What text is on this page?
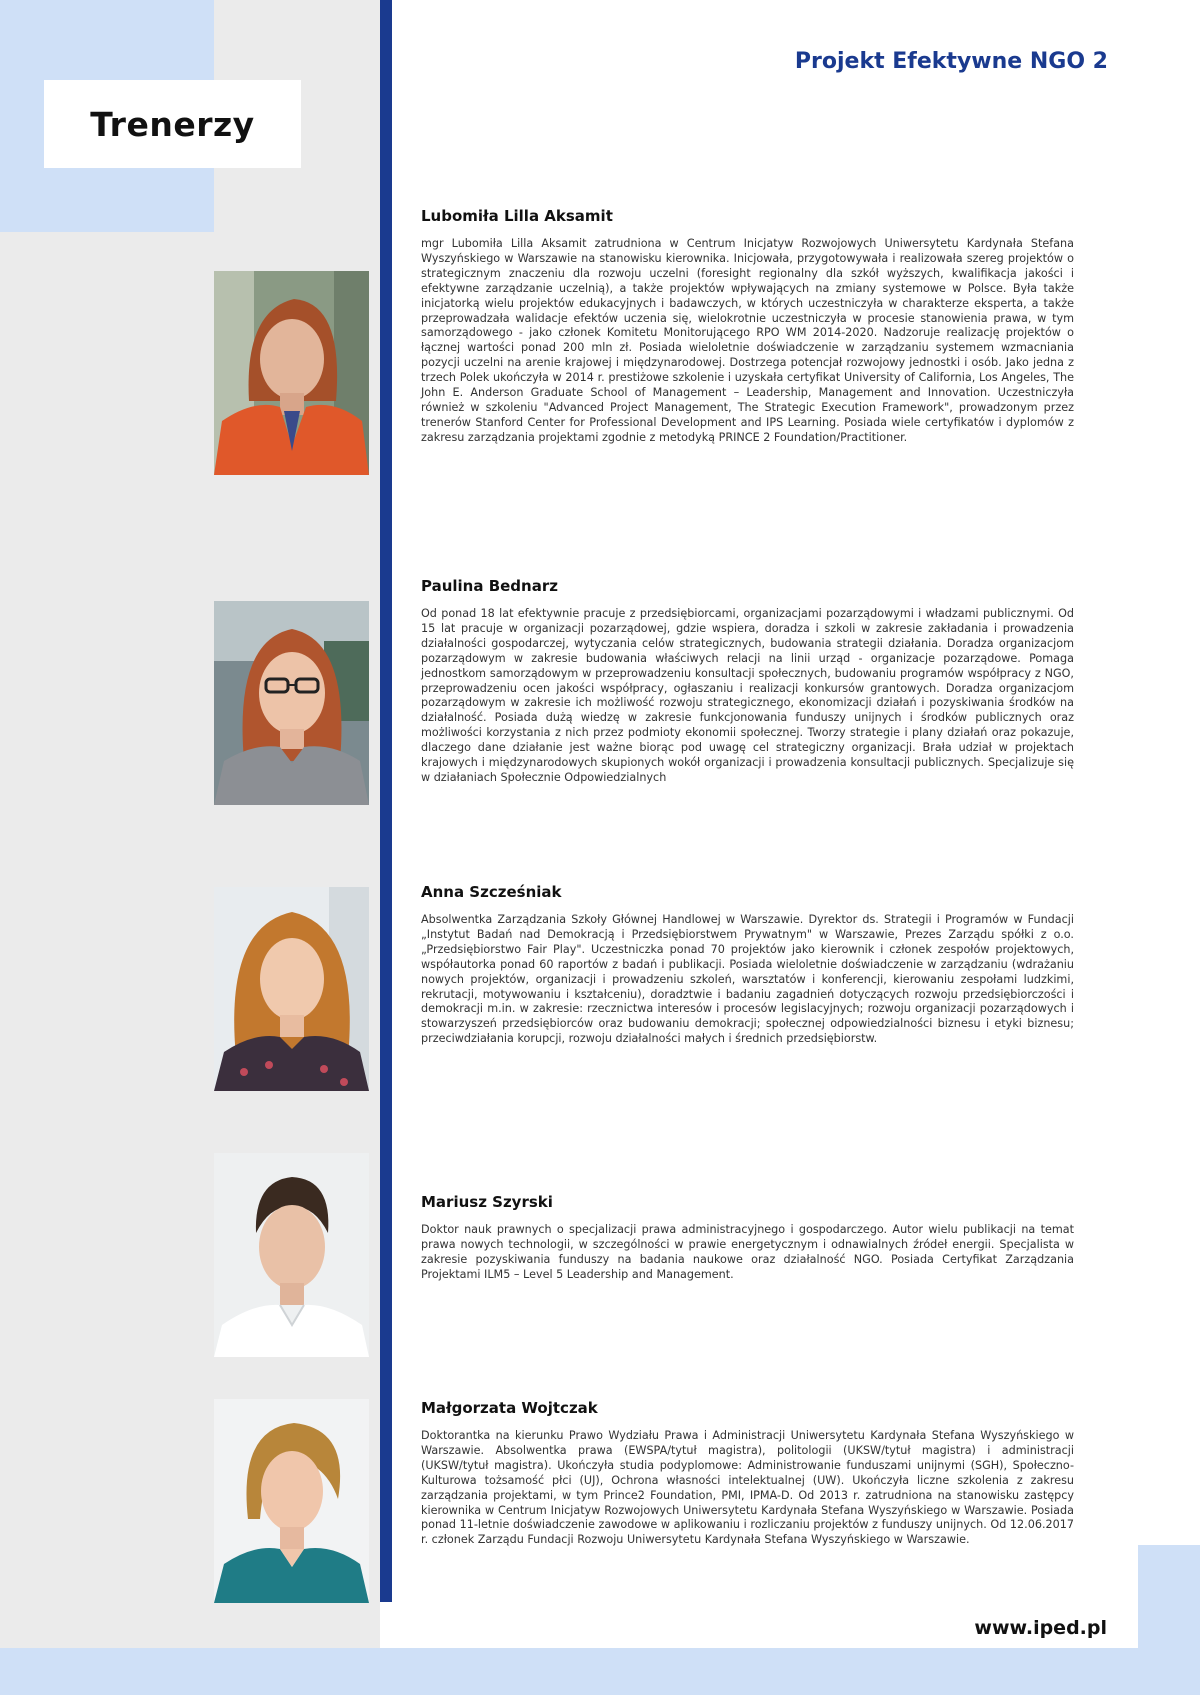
Trenerzy
Projekt Efektywne NGO 2
Lubomiła Lilla Aksamit

mgr Lubomiła Lilla Aksamit zatrudniona w Centrum Inicjatyw Rozwojowych Uniwersytetu Kardynała Stefana Wyszyńskiego w Warszawie na stanowisku kierownika. Inicjowała, przygotowywała i realizowała szereg projektów o strategicznym znaczeniu dla rozwoju uczelni (foresight regionalny dla szkół wyższych, kwalifikacja jakości i efektywne zarządzanie uczelnią), a także projektów wpływających na zmiany systemowe w Polsce. Była także inicjatorką wielu projektów edukacyjnych i badawczych, w których uczestniczyła w charakterze eksperta, a także przeprowadzała walidacje efektów uczenia się, wielokrotnie uczestniczyła w procesie stanowienia prawa, w tym samorządowego - jako członek Komitetu Monitorującego RPO WM 2014-2020. Nadzoruje realizację projektów o łącznej wartości ponad 200 mln zł. Posiada wieloletnie doświadczenie w zarządzaniu systemem wzmacniania pozycji uczelni na arenie krajowej i międzynarodowej. Dostrzega potencjał rozwojowy jednostki i osób. Jako jedna z trzech Polek ukończyła w 2014 r. prestiżowe szkolenie i uzyskała certyfikat University of California, Los Angeles, The John E. Anderson Graduate School of Management – Leadership, Management and Innovation. Uczestniczyła również w szkoleniu "Advanced Project Management, The Strategic Execution Framework", prowadzonym przez trenerów Stanford Center for Professional Development and IPS Learning. Posiada wiele certyfikatów i dyplomów z zakresu zarządzania projektami zgodnie z metodyką PRINCE 2 Foundation/Practitioner.

Paulina Bednarz

Od ponad 18 lat efektywnie pracuje z przedsiębiorcami, organizacjami pozarządowymi i władzami publicznymi. Od 15 lat pracuje w organizacji pozarządowej, gdzie wspiera, doradza i szkoli w zakresie zakładania i prowadzenia działalności gospodarczej, wytyczania celów strategicznych, budowania strategii działania. Doradza organizacjom pozarządowym w zakresie budowania właściwych relacji na linii urząd - organizacje pozarządowe. Pomaga jednostkom samorządowym w przeprowadzeniu konsultacji społecznych, budowaniu programów współpracy z NGO, przeprowadzeniu ocen jakości współpracy, ogłaszaniu i realizacji konkursów grantowych. Doradza organizacjom pozarządowym w zakresie ich możliwość rozwoju strategicznego, ekonomizacji działań i pozyskiwania środków na działalność. Posiada dużą wiedzę w zakresie funkcjonowania funduszy unijnych i środków publicznych oraz możliwości korzystania z nich przez podmioty ekonomii społecznej. Tworzy strategie i plany działań oraz pokazuje, dlaczego dane działanie jest ważne biorąc pod uwagę cel strategiczny organizacji. Brała udział w projektach krajowych i międzynarodowych skupionych wokół organizacji i prowadzenia konsultacji publicznych. Specjalizuje się w działaniach Społecznie Odpowiedzialnych

Anna Szcześniak

Absolwentka Zarządzania Szkoły Głównej Handlowej w Warszawie. Dyrektor ds. Strategii i Programów w Fundacji „Instytut Badań nad Demokracją i Przedsiębiorstwem Prywatnym" w Warszawie, Prezes Zarządu spółki z o.o. „Przedsiębiorstwo Fair Play". Uczestniczka ponad 70 projektów jako kierownik i członek zespołów projektowych, współautorka ponad 60 raportów z badań i publikacji. Posiada wieloletnie doświadczenie w zarządzaniu (wdrażaniu nowych projektów, organizacji i prowadzeniu szkoleń, warsztatów i konferencji, kierowaniu zespołami ludzkimi, rekrutacji, motywowaniu i kształceniu), doradztwie i badaniu zagadnień dotyczących rozwoju przedsiębiorczości i demokracji m.in. w zakresie: rzecznictwa interesów i procesów legislacyjnych; rozwoju organizacji pozarządowych i stowarzyszeń przedsiębiorców oraz budowaniu demokracji; społecznej odpowiedzialności biznesu i etyki biznesu; przeciwdziałania korupcji, rozwoju działalności małych i średnich przedsiębiorstw.

Mariusz Szyrski

Doktor nauk prawnych o specjalizacji prawa administracyjnego i gospodarczego. Autor wielu publikacji na temat prawa nowych technologii, w szczególności w prawie energetycznym i odnawialnych źródeł energii. Specjalista w zakresie pozyskiwania funduszy na badania naukowe oraz działalność NGO. Posiada Certyfikat Zarządzania Projektami ILM5 – Level 5 Leadership and Management.

Małgorzata Wojtczak

Doktorantka na kierunku Prawo Wydziału Prawa i Administracji Uniwersytetu Kardynała Stefana Wyszyńskiego w Warszawie. Absolwentka prawa (EWSPA/tytuł magistra), politologii (UKSW/tytuł magistra) i administracji (UKSW/tytuł magistra). Ukończyła studia podyplomowe: Administrowanie funduszami unijnymi (SGH), Społeczno-Kulturowa tożsamość płci (UJ), Ochrona własności intelektualnej (UW). Ukończyła liczne szkolenia z zakresu zarządzania projektami, w tym Prince2 Foundation, PMI, IPMA-D. Od 2013 r. zatrudniona na stanowisku zastępcy kierownika w Centrum Inicjatyw Rozwojowych Uniwersytetu Kardynała Stefana Wyszyńskiego w Warszawie. Posiada ponad 11-letnie doświadczenie zawodowe w aplikowaniu i rozliczaniu projektów z funduszy unijnych. Od 12.06.2017 r. członek Zarządu Fundacji Rozwoju Uniwersytetu Kardynała Stefana Wyszyńskiego w Warszawie.

www.iped.pl
